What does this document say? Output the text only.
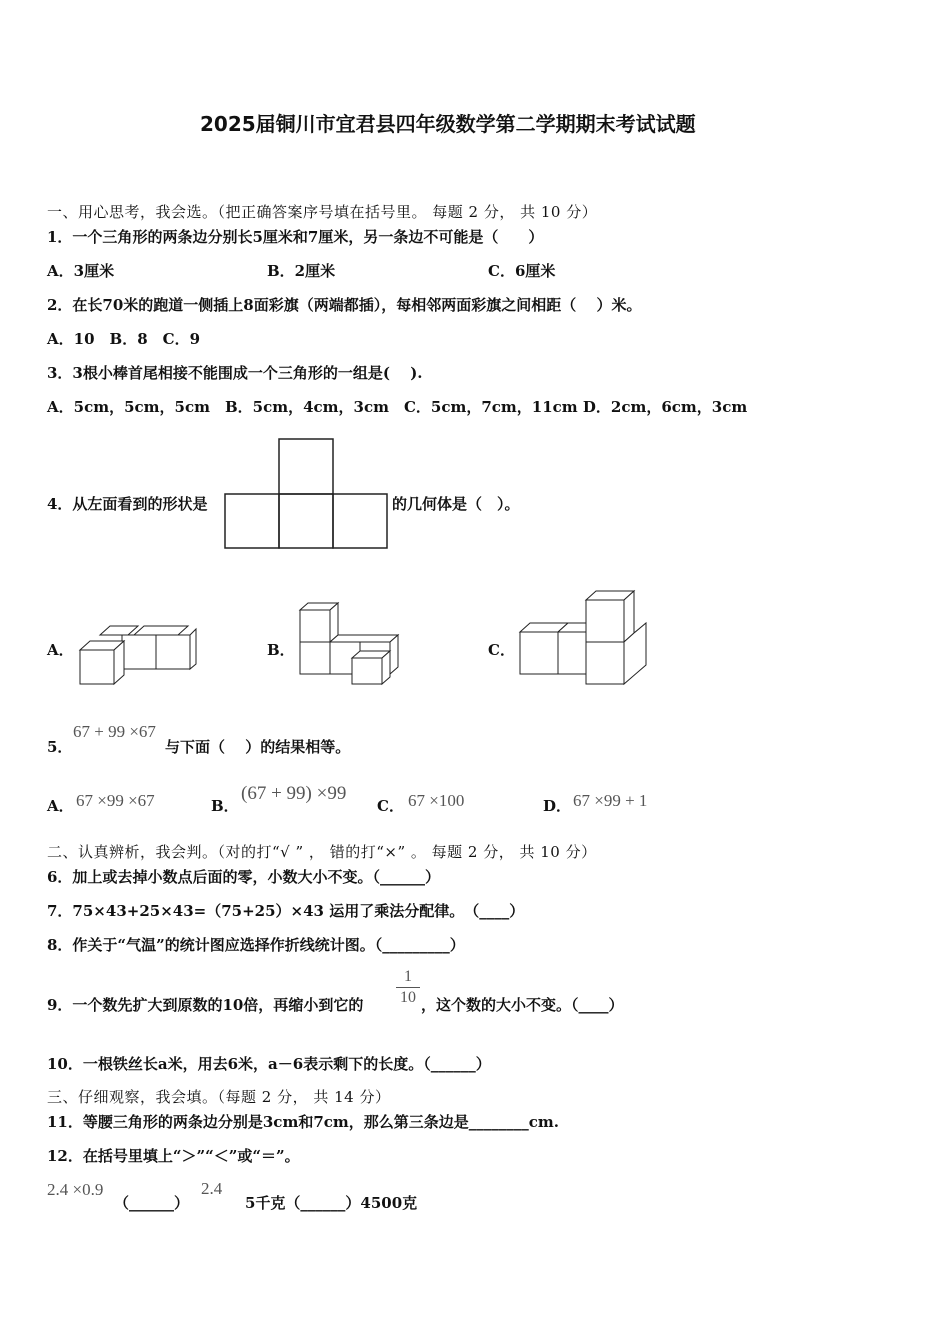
2025届铜川市宜君县四年级数学第二学期期末考试试题
一、用心思考，我会选。（把正确答案序号填在括号里。 每题 2 分， 共 10 分）
1．一个三角形的两条边分别长5厘米和7厘米，另一条边不可能是（　　）
A．3厘米	B．2厘米	C．6厘米
2．在长70米的跑道一侧插上8面彩旗（两端都插），每相邻两面彩旗之间相距（　 ）米。
A．10　B．8　C．9
3．3根小棒首尾相接不能围成一个三角形的一组是(　 ).
A．5cm，5cm，5cm　B．5cm，4cm，3cm　C．5cm，7cm，11cm D．2cm，6cm，3cm
4．从左面看到的形状是	的几何体是（　）。
A．	B．	C．
5．
67 + 99 ×67
与下面（　 ）的结果相等。
A． 67 ×99 ×67	B．
(67 + 99) ×99
C． 67 ×100	D． 67 ×99 + 1
二、认真辨析，我会判。（对的打“√ ” ， 错的打“×” 。 每题 2 分， 共 10 分）
6．加上或去掉小数点后面的零，小数大小不变。（______）
7．75×43+25×43=（75+25）×43 运用了乘法分配律。　（____）
8．作关于“气温”的统计图应选择作折线统计图。（_________）
9．一个数先扩大到原数的10倍，再缩小到它的
1
10 ，这个数的大小不变。（____）
10．一根铁丝长a米，用去6米，a－6表示剩下的长度。（______）
三、仔细观察，我会填。（每题 2 分， 共 14 分）
11．等腰三角形的两条边分别是3cm和7cm，那么第三条边是________cm.
12．在括号里填上“＞”“＜”或“＝”。
2.4 ×0.9
（______）
2.4
5千克（______）4500克
